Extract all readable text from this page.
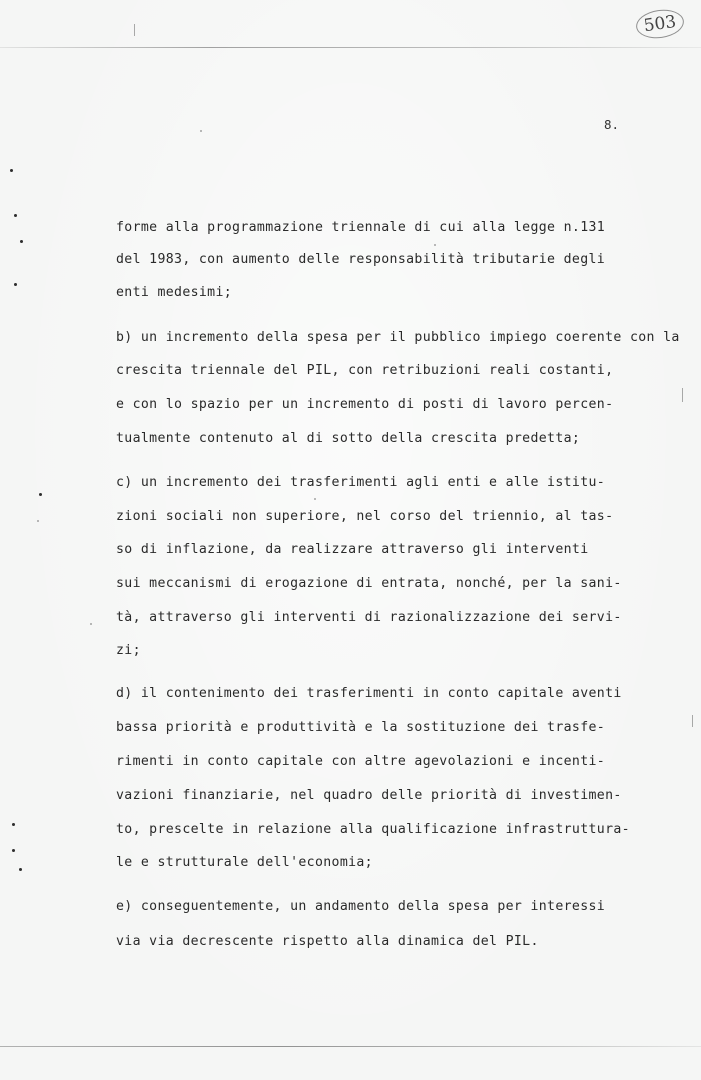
503
8.
forme alla programmazione triennale di cui alla legge n.131
del 1983, con aumento delle responsabilità tributarie degli
enti medesimi;
b) un incremento della spesa per il pubblico impiego coerente con la
crescita triennale del PIL, con retribuzioni reali costanti,
e con lo spazio per un incremento di posti di lavoro percen-
tualmente contenuto al di sotto della crescita predetta;
c) un incremento dei trasferimenti agli enti e alle istitu-
zioni sociali non superiore, nel corso del triennio, al tas-
so di inflazione, da realizzare attraverso gli interventi
sui meccanismi di erogazione di entrata, nonché, per la sani-
tà, attraverso gli interventi di razionalizzazione dei servi-
zi;
d) il contenimento dei trasferimenti in conto capitale aventi
bassa priorità e produttività e la sostituzione dei trasfe-
rimenti in conto capitale con altre agevolazioni e incenti-
vazioni finanziarie, nel quadro delle priorità di investimen-
to, prescelte in relazione alla qualificazione infrastruttura-
le e strutturale dell'economia;
e) conseguentemente, un andamento della spesa per interessi
via via decrescente rispetto alla dinamica del PIL.
